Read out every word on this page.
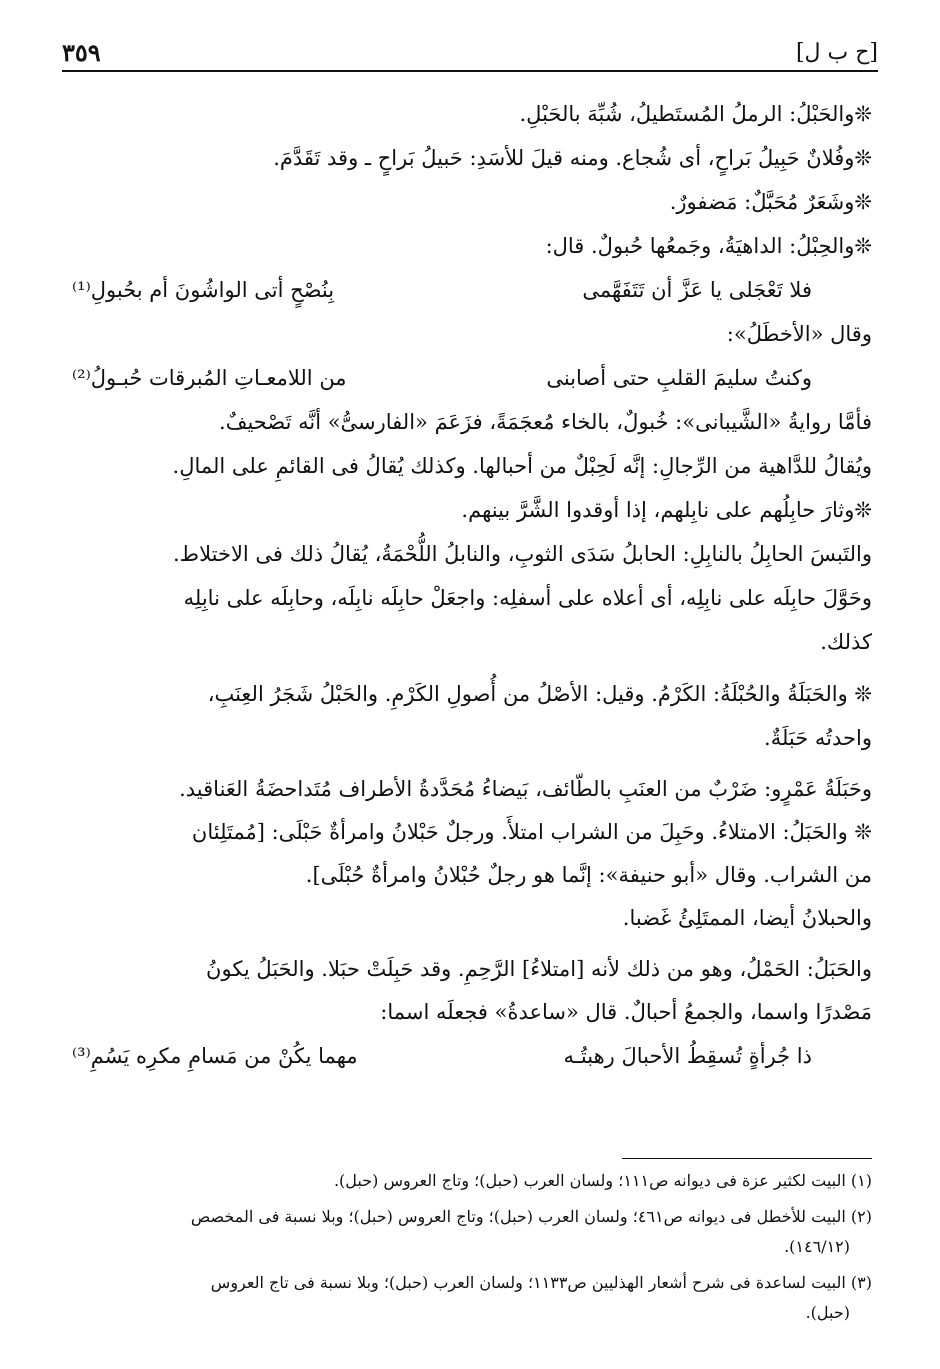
[ح ب ل]
٣٥٩
❊والحَبْلُ: الرملُ المُستَطيلُ، شُبِّهَ بالحَبْلِ.
❊وفُلانٌ حَبِيلُ بَراحٍ، أى شُجاع. ومنه قيلَ للأسَدِ: حَبيلُ بَراحٍ ـ وقد تَقَدَّمَ.
❊وشَعَرٌ مُحَبَّلٌ: مَضفورٌ.
❊والحِبْلُ: الداهيَةُ، وجَمعُها حُبولٌ. قال:
فلا تَعْجَلى يا عَزَّ أن تَتَفَهَّمى
بِنُصْحٍ أتى الواشُونَ أم بحُبولِ⁽¹⁾
وقال «الأخطَلُ»:
وكنتُ سليمَ القلبِ حتى أصابنى
من اللامعـاتِ المُبرقات حُبـولُ⁽²⁾
فأمَّا روايةُ «الشَّيبانى»: خُبولٌ، بالخاء مُعجَمَةً، فزَعَمَ «الفارسىُّ» أنَّه تَصْحيفٌ.
ويُقالُ للدَّاهية من الرِّجالِ: إنَّه لَحِبْلٌ من أحبالها. وكذلك يُقالُ فى القائمِ على المالِ.
❊وثارَ حابِلُهم على نابِلهم، إذا أوقدوا الشَّرَّ بينهم.
والتَبسَ الحابِلُ بالنابِلِ: الحابلُ سَدَى الثوبِ، والنابلُ اللُّحْمَةُ، يُقالُ ذلك فى الاختلاط.
وحَوَّلَ حابِلَه على نابِلِه، أى أعلاه على أسفلِه: واجعَلْ حابِلَه نابِلَه، وحابِلَه على نابِلِه
كذلك.
❊ والحَبَلَةُ والحُبْلَةُ: الكَرْمُ. وقيل: الأصْلُ من أُصولِ الكَرْمِ. والحَبْلُ شَجَرُ العِنَبِ،
واحدتُه حَبَلَةٌ.
وحَبَلَةُ عَمْرٍو: ضَرْبٌ من العنَبِ بالطّائف، بَيضاءُ مُحَدَّدةُ الأطراف مُتَداحضَةُ العَناقيد.
❊ والحَبَلُ: الامتلاءُ. وحَبِلَ من الشراب امتلأَ. ورجلٌ حَبْلانُ وامرأةٌ حَبْلَى: [مُمتَلِئان
من الشراب. وقال «أبو حنيفة»: إنَّما هو رجلٌ حُبْلانُ وامرأةٌ حُبْلَى].
والحبلانُ أيضا، الممتَلِئُ غَضبا.
والحَبَلُ: الحَمْلُ، وهو من ذلك لأنه [امتلاءُ] الرَّحِمِ. وقد حَبِلَتْ حبَلا. والحَبَلُ يكونُ
مَصْدرًا واسما، والجمعُ أحبالٌ. قال «ساعدةُ» فجعلَه اسما:
ذا جُرأةٍ تُسقِطُ الأحبالَ رهبتُـه
مهما يكُنْ من مَسامِ مكرِه يَسُمِ⁽³⁾
(١) البيت لكثير عزة فى ديوانه ص١١١؛ ولسان العرب (حبل)؛ وتاج العروس (حبل).
(٢) البيت للأخطل فى ديوانه ص٤٦١؛ ولسان العرب (حبل)؛ وتاج العروس (حبل)؛ وبلا نسبة فى المخصص
(١٤٦/١٢).
(٣) البيت لساعدة فى شرح أشعار الهذليين ص١١٣٣؛ ولسان العرب (حبل)؛ وبلا نسبة فى تاج العروس
(حبل).
